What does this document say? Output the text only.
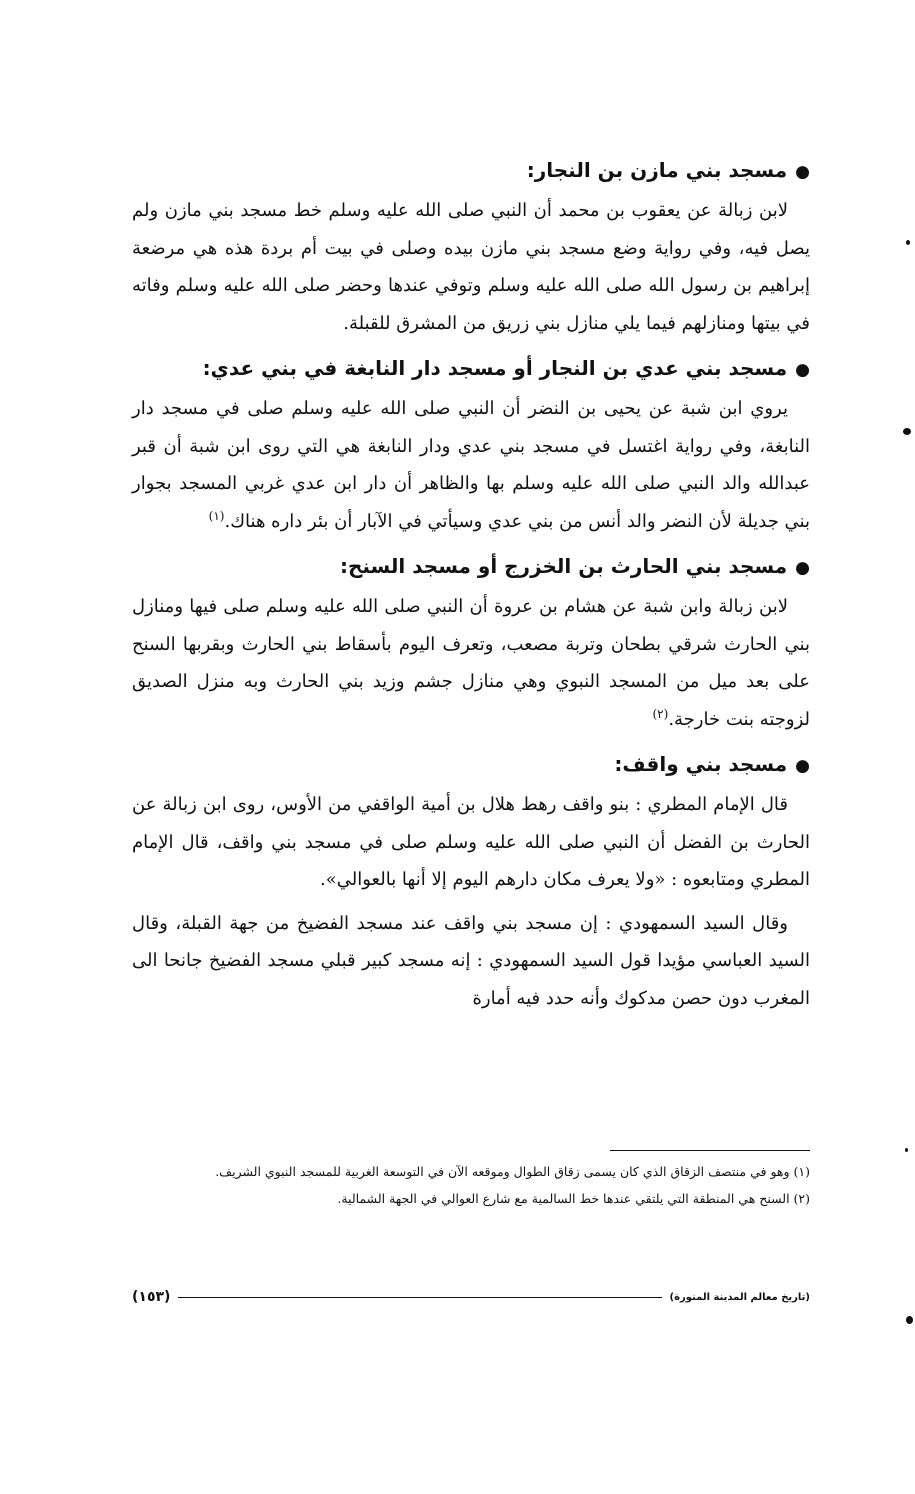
●مسجد بني مازن بن النجار:

لابن زبالة عن يعقوب بن محمد أن النبي صلى الله عليه وسلم خط مسجد بني مازن ولم يصل فيه، وفي رواية وضع مسجد بني مازن بيده وصلى في بيت أم بردة هذه هي مرضعة إبراهيم بن رسول الله صلى الله عليه وسلم وتوفي عندها وحضر صلى الله عليه وسلم وفاته في بيتها ومنازلهم فيما يلي منازل بني زريق من المشرق للقبلة.

●مسجد بني عدي بن النجار أو مسجد دار النابغة في بني عدي:

يروي ابن شبة عن يحيى بن النضر أن النبي صلى الله عليه وسلم صلى في مسجد دار النابغة، وفي رواية اغتسل في مسجد بني عدي ودار النابغة هي التي روى ابن شبة أن قبر عبدالله والد النبي صلى الله عليه وسلم بها والظاهر أن دار ابن عدي غربي المسجد بجوار بني جديلة لأن النضر والد أنس من بني عدي وسيأتي في الآبار أن بئر داره هناك.$^{(١)}$

●مسجد بني الحارث بن الخزرج أو مسجد السنح:

لابن زبالة وابن شبة عن هشام بن عروة أن النبي صلى الله عليه وسلم صلى فيها ومنازل بني الحارث شرقي بطحان وتربة مصعب، وتعرف اليوم بأسقاط بني الحارث وبقربها السنح على بعد ميل من المسجد النبوي وهي منازل جشم وزيد بني الحارث وبه منزل الصديق لزوجته بنت خارجة.$^{(٢)}$

●مسجد بني واقف:

قال الإمام المطري : بنو واقف رهط هلال بن أمية الواقفي من الأوس، روى ابن زبالة عن الحارث بن الفضل أن النبي صلى الله عليه وسلم صلى في مسجد بني واقف، قال الإمام المطري ومتابعوه : «ولا يعرف مكان دارهم اليوم إلا أنها بالعوالي».

وقال السيد السمهودي : إن مسجد بني واقف عند مسجد الفضيخ من جهة القبلة، وقال السيد العباسي مؤيدا قول السيد السمهودي : إنه مسجد كبير قبلي مسجد الفضيخ جانحا الى المغرب دون حصن مدكوك وأنه حدد فيه أمارة

(١) وهو في منتصف الزقاق الذي كان يسمى زقاق الطوال وموقعه الآن في التوسعة الغربية للمسجد النبوي الشريف.

(٢) السنح هي المنطقة التي يلتقي عندها خط السالمية مع شارع العوالي في الجهة الشمالية.

(تاريخ معالم المدينة المنورة)
(١٥٣)
